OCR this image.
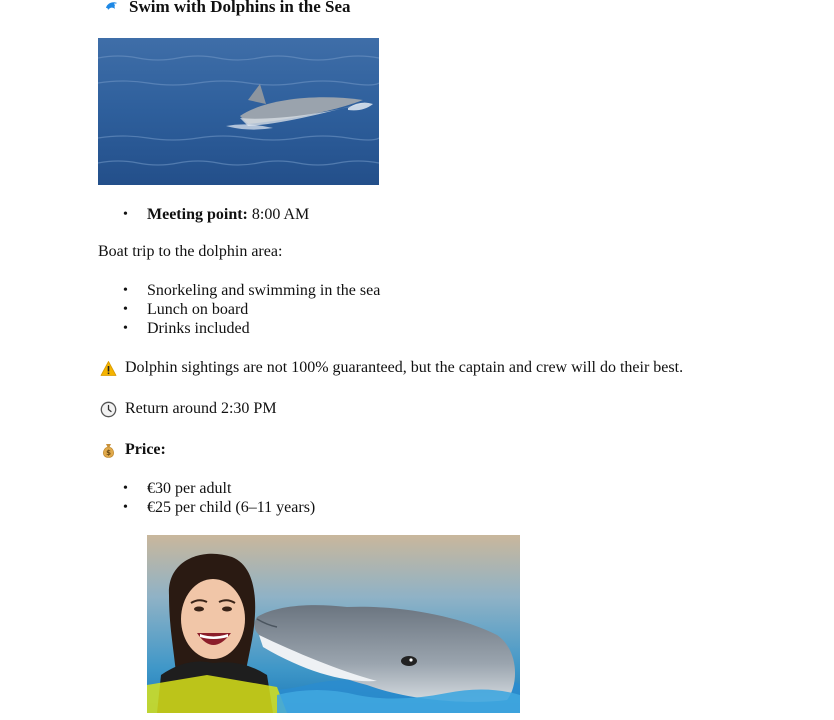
Swim with Dolphins in the Sea
• Meeting point: 8:00 AM
Boat trip to the dolphin area:
• Snorkeling and swimming in the sea
• Lunch on board
• Drinks included
Dolphin sightings are not 100% guaranteed, but the captain and crew will do their best.
Return around 2:30 PM
$ Price:
• €30 per adult
• €25 per child (6–11 years)
